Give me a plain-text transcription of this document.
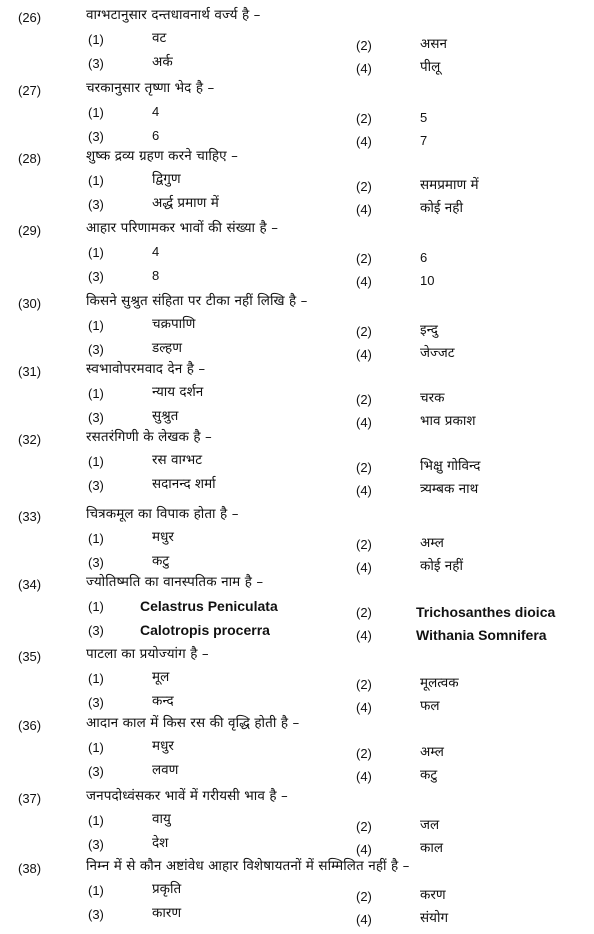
(26)	वाग्भटानुसार दन्तधावनार्थ वर्ज्य है –
(1)	वट	(2)	असन
(3)	अर्क	(4)	पीलू
(27)	चरकानुसार तृष्णा भेद है –
(1)	4	(2)	5
(3)	6	(4)	7
(28)	शुष्क द्रव्य ग्रहण करने चाहिए –
(1)	द्विगुण	(2)	समप्रमाण में
(3)	अर्द्ध प्रमाण में	(4)	कोई नही
(29)	आहार परिणामकर भावों की संख्या है –
(1)	4	(2)	6
(3)	8	(4)	10
(30)	किसने सुश्रुत संहिता पर टीका नहीं लिखि है –
(1)	चक्रपाणि	(2)	इन्दु
(3)	डल्हण	(4)	जेज्जट
(31)	स्वभावोपरमवाद देन है –
(1)	न्याय दर्शन	(2)	चरक
(3)	सुश्रुत	(4)	भाव प्रकाश
(32)	रसतरंगिणी के लेखक है –
(1)	रस वाग्भट	(2)	भिक्षु गोविन्द
(3)	सदानन्द शर्मा	(4)	त्र्यम्बक नाथ
(33)	चित्रकमूल का विपाक होता है –
(1)	मधुर	(2)	अम्ल
(3)	कटु	(4)	कोई नहीं
(34)	ज्योतिष्मति का वानस्पतिक नाम है –
(1)	Celastrus Peniculata	(2)	Trichosanthes dioica
(3)	Calotropis procerra	(4)	Withania Somnifera
(35)	पाटला का प्रयोज्यांग है –
(1)	मूल	(2)	मूलत्वक
(3)	कन्द	(4)	फल
(36)	आदान काल में किस रस की वृद्धि होती है –
(1)	मधुर	(2)	अम्ल
(3)	लवण	(4)	कटु
(37)	जनपदोध्वंसकर भावें में गरीयसी भाव है –
(1)	वायु	(2)	जल
(3)	देश	(4)	काल
(38)	निम्न में से कौन अष्टांवेध आहार विशेषायतनों में सम्मिलित नहीं है –
(1)	प्रकृति	(2)	करण
(3)	कारण	(4)	संयोग
